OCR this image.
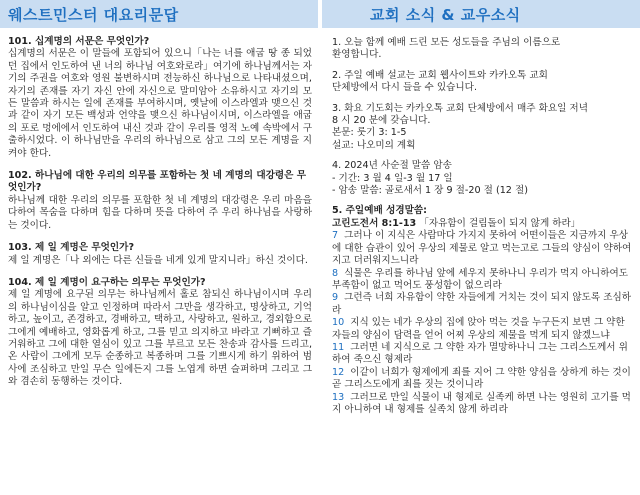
웨스트민스터 대요리문답
101. 십계명의 서문은 무엇인가?
십계명의 서문은 이 말들에 포함되어 있으니「나는 너를 애굽 땅 종 되었던 집에서 인도하여 낸 너의 하나님 여호와로라」여기에 하나님께서는 자기의 주권을 여호와 영원 불변하시며 전능하신 하나님으로 나타내셨으며, 자기의 존재를 자기 자신 안에 자신으로 말미암아 소유하시고 자기의 모든 말씀과 하시는 일에 존재를 부여하시며, 옛날에 이스라엘과 맺으신 것과 같이 자기 모든 백성과 언약을 맺으신 하나님이시며, 이스라엘을 애굽의 포로 멍에에서 인도하여 내신 것과 같이 우리를 영적 노예 속박에서 구출하시었다. 이 하나님만을 우리의 하나님으로 삼고 그의 모든 계명을 지켜야 한다.
102. 하나님에 대한 우리의 의무를 포함하는 첫 네 계명의 대강령은 무엇인가?
하나님께 대한 우리의 의무를 포함한 첫 네 계명의 대강령은 우리 마음을 다하여 목숨을 다하며 힘을 다하며 뜻을 다하여 주 우리 하나님을 사랑하는 것이다.
103. 제 일 계명은 무엇인가?
제 일 계명은「나 외에는 다른 신들을 네게 있게 말지니라」하신 것이다.
104. 제 일 계명이 요구하는 의무는 무엇인가?
제 일 계명에 요구된 의무는 하나님께서 홀로 참되신 하나님이시며 우리의 하나님이심을 알고 인정하며 따라서 그만을 생각하고, 명상하고, 기억하고, 높이고, 존경하고, 경배하고, 택하고, 사랑하고, 원하고, 경외함으로 그에게 예배하고, 영화롭게 하고, 그를 믿고 의지하고 바라고 기뻐하고 즐거워하고 그에 대한 열심이 있고 그를 부르고 모든 찬송과 감사를 드리고, 온 사람이 그에게 모두 순종하고 복종하며 그를 기쁘시게 하기 위하여 범사에 조심하고 만일 무슨 일에든지 그를 노엽게 하면 슬퍼하며 그리고 그와 겸손히 동행하는 것이다.
교회 소식 & 교우소식
1. 오늘 함께 예배 드린 모든 성도들을 주님의 이름으로
환영합니다.
2. 주일 예배 설교는 교회 웹사이트와 카카오톡 교회
단체방에서 다시 들을 수 있습니다.
3. 화요 기도회는 카카오톡 교회 단체방에서 매주 화요일 저녁
8 시 20 분에 갖습니다.
본문: 룻기 3: 1-5
설교: 나오미의 계획
4. 2024년 사순절 말씀 암송
- 기간: 3 월 4 일-3 월 17 일
- 암송 말씀: 골로새서 1 장 9 절-20 절 (12 절)
5. 주일예배 성경말씀:
고린도전서 8:1-13 「자유함이 걸림돌이 되지 않게 하라」
7 그러나 이 지식은 사람마다 가지지 못하여 어떤이들은 지금까지 우상에 대한 습관이 있어 우상의 제물로 알고 먹는고로 그들의 양심이 약하여지고 더러워지느니라
8 식물은 우리를 하나님 앞에 세우지 못하나니 우리가 먹지 아니하여도 부족함이 없고 먹어도 풍성함이 없으리라
9 그런즉 너희 자유함이 약한 자들에게 거치는 것이 되지 않도록 조심하라
10 지식 있는 네가 우상의 집에 앉아 먹는 것을 누구든지 보면 그 약한 자들의 양심이 담력을 얻어 어찌 우상의 제물을 먹게 되지 않겠느냐
11 그러면 네 지식으로 그 약한 자가 멸망하나니 그는 그리스도께서 위하여 죽으신 형제라
12 이같이 너희가 형제에게 죄를 지어 그 약한 양심을 상하게 하는 것이 곧 그리스도에게 죄를 짓는 것이니라
13 그러므로 만일 식물이 내 형제로 실족케 하면 나는 영원히 고기를 먹지 아니하여 내 형제를 실족치 않게 하리라
